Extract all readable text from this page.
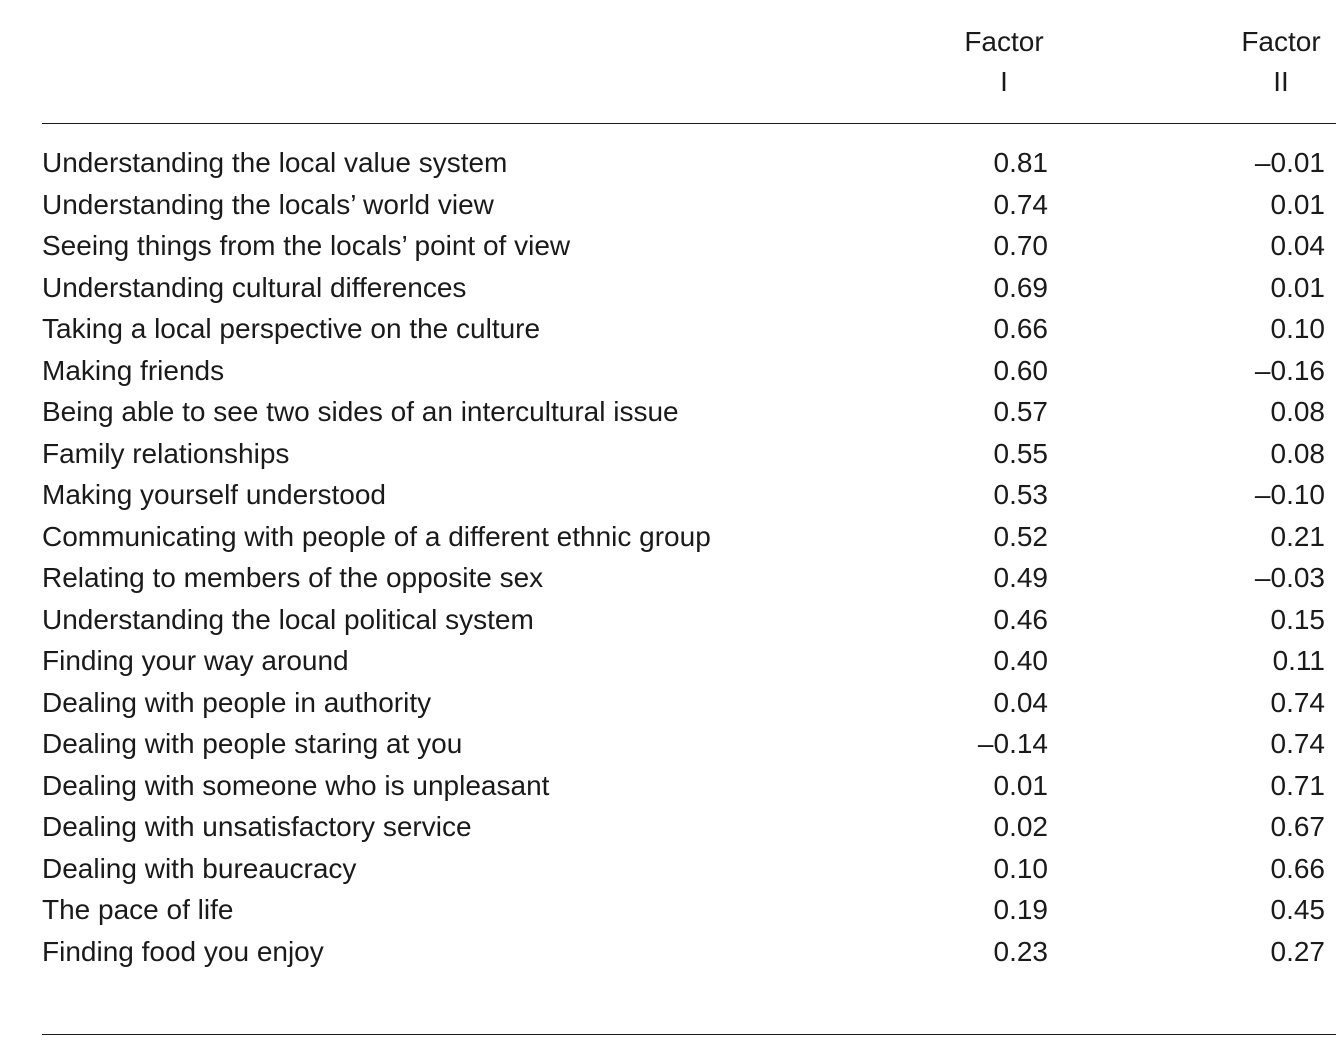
Factor
I
Factor
II
Understanding the local value system	0.81	–0.01
Understanding the locals’ world view	0.74	0.01
Seeing things from the locals’ point of view	0.70	0.04
Understanding cultural differences	0.69	0.01
Taking a local perspective on the culture	0.66	0.10
Making friends	0.60	–0.16
Being able to see two sides of an intercultural issue	0.57	0.08
Family relationships	0.55	0.08
Making yourself understood	0.53	–0.10
Communicating with people of a different ethnic group	0.52	0.21
Relating to members of the opposite sex	0.49	–0.03
Understanding the local political system	0.46	0.15
Finding your way around	0.40	0.11
Dealing with people in authority	0.04	0.74
Dealing with people staring at you	–0.14	0.74
Dealing with someone who is unpleasant	0.01	0.71
Dealing with unsatisfactory service	0.02	0.67
Dealing with bureaucracy	0.10	0.66
The pace of life	0.19	0.45
Finding food you enjoy	0.23	0.27
